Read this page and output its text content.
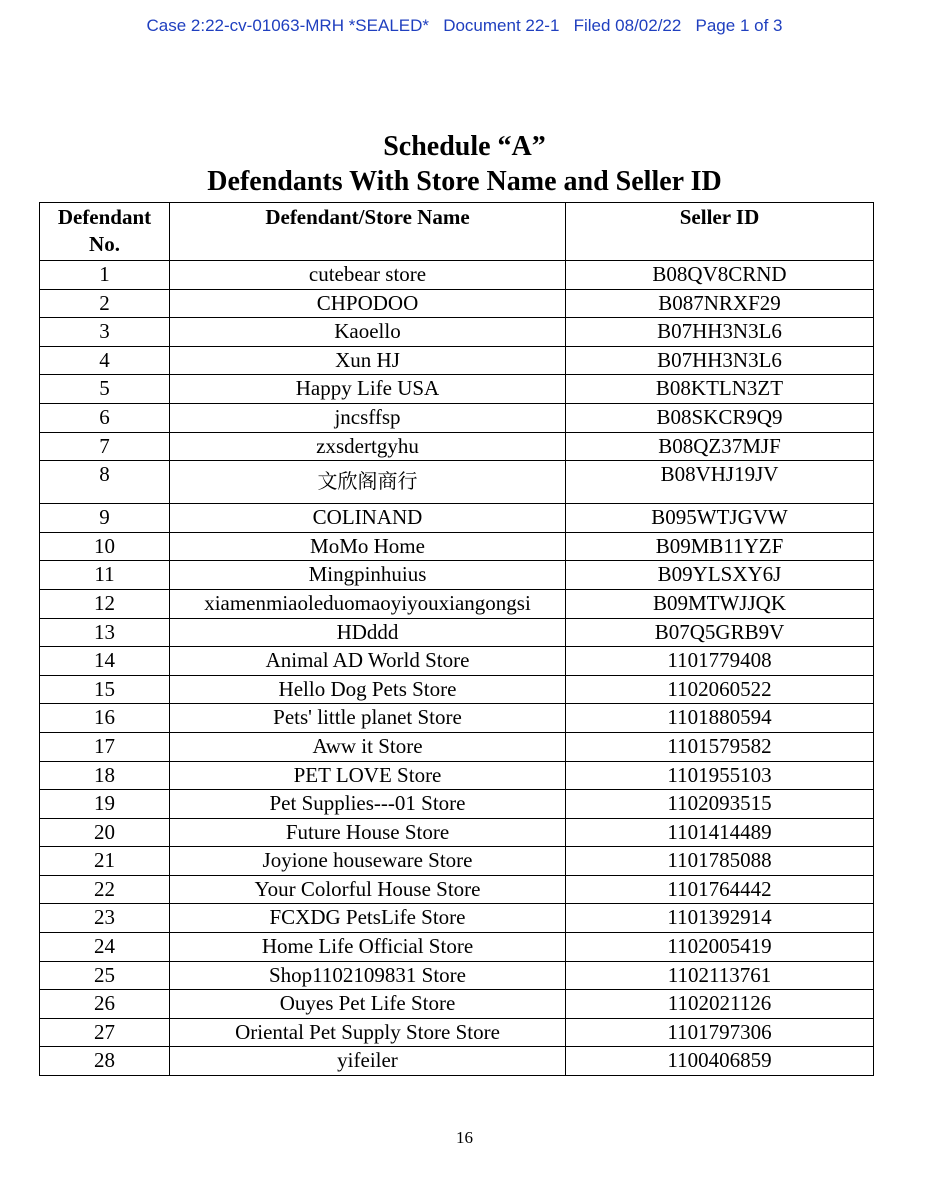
Case 2:22-cv-01063-MRH *SEALED* Document 22-1 Filed 08/02/22 Page 1 of 3
Schedule “A”
Defendants With Store Name and Seller ID
Defendant No.	Defendant/Store Name	Seller ID
1	cutebear store	B08QV8CRND
2	CHPODOO	B087NRXF29
3	Kaoello	B07HH3N3L6
4	Xun HJ	B07HH3N3L6
5	Happy Life USA	B08KTLN3ZT
6	jncsffsp	B08SKCR9Q9
7	zxsdertgyhu	B08QZ37MJF
8	文欣阁商行	B08VHJ19JV
9	COLINAND	B095WTJGVW
10	MoMo Home	B09MB11YZF
11	Mingpinhuius	B09YLSXY6J
12	xiamenmiaoleduomaoyiyouxiangongsi	B09MTWJJQK
13	HDddd	B07Q5GRB9V
14	Animal AD World Store	1101779408
15	Hello Dog Pets Store	1102060522
16	Pets' little planet Store	1101880594
17	Aww it Store	1101579582
18	PET LOVE Store	1101955103
19	Pet Supplies---01 Store	1102093515
20	Future House Store	1101414489
21	Joyione houseware Store	1101785088
22	Your Colorful House Store	1101764442
23	FCXDG PetsLife Store	1101392914
24	Home Life Official Store	1102005419
25	Shop1102109831 Store	1102113761
26	Ouyes Pet Life Store	1102021126
27	Oriental Pet Supply Store Store	1101797306
28	yifeiler	1100406859
16
